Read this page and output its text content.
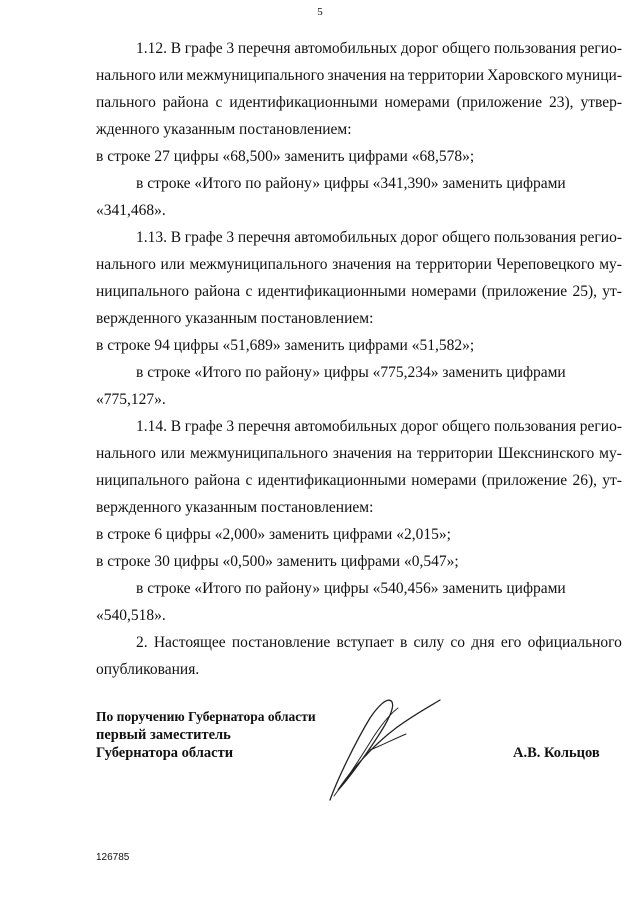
5
1.12. В графе 3 перечня автомобильных дорог общего пользования регио-
нального или межмуниципального значения на территории Харовского муници-
пального района с идентификационными номерами (приложение 23), утвер-
жденного указанным постановлением:
в строке 27 цифры «68,500» заменить цифрами «68,578»;
в строке «Итого по району» цифры «341,390» заменить цифрами
«341,468».
1.13. В графе 3 перечня автомобильных дорог общего пользования регио-
нального или межмуниципального значения на территории Череповецкого му-
ниципального района с идентификационными номерами (приложение 25), ут-
вержденного указанным постановлением:
в строке 94 цифры «51,689» заменить цифрами «51,582»;
в строке «Итого по району» цифры «775,234» заменить цифрами
«775,127».
1.14. В графе 3 перечня автомобильных дорог общего пользования регио-
нального или межмуниципального значения на территории Шекснинского му-
ниципального района с идентификационными номерами (приложение 26), ут-
вержденного указанным постановлением:
в строке 6 цифры «2,000» заменить цифрами «2,015»;
в строке 30 цифры «0,500» заменить цифрами «0,547»;
в строке «Итого по району» цифры «540,456» заменить цифрами
«540,518».
2. Настоящее постановление вступает в силу со дня его официального
опубликования.
По поручению Губернатора области
первый заместитель
Губернатора области	А.В. Кольцов
126785
